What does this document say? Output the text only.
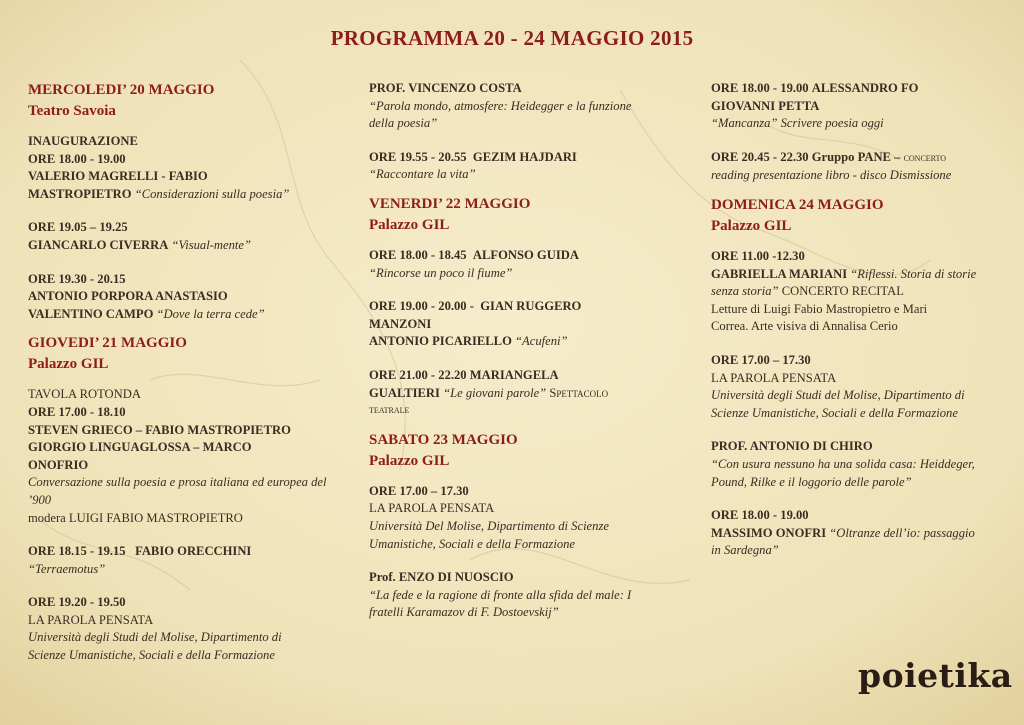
PROGRAMMA 20 - 24 MAGGIO 2015
MERCOLEDI’ 20 MAGGIO
Teatro Savoia
INAUGURAZIONE
ORE 18.00 - 19.00
VALERIO MAGRELLI - FABIO
MASTROPIETRO “Considerazioni sulla poesia”
ORE 19.05 – 19.25
GIANCARLO CIVERRA “Visual-mente”
ORE 19.30 - 20.15
ANTONIO PORPORA ANASTASIO
VALENTINO CAMPO “Dove la terra cede”
GIOVEDI’ 21 MAGGIO
Palazzo GIL
TAVOLA ROTONDA
ORE 17.00 - 18.10
STEVEN GRIECO – FABIO MASTROPIETRO
GIORGIO LINGUAGLOSSA – MARCO
ONOFRIO
Conversazione sulla poesia e prosa italiana ed europea del
’900
modera LUIGI FABIO MASTROPIETRO
ORE 18.15 - 19.15 FABIO ORECCHINI
“Terraemotus”
ORE 19.20 - 19.50
LA PAROLA PENSATA
Università degli Studi del Molise, Dipartimento di
Scienze Umanistiche, Sociali e della Formazione
PROF. VINCENZO COSTA
“Parola mondo, atmosfere: Heidegger e la funzione
della poesia”
ORE 19.55 - 20.55 GEZIM HAJDARI
“Raccontare la vita”
VENERDI’ 22 MAGGIO
Palazzo GIL
ORE 18.00 - 18.45 ALFONSO GUIDA
“Rincorse un poco il fiume”
ORE 19.00 - 20.00 - GIAN RUGGERO
MANZONI
ANTONIO PICARIELLO “Acufeni”
ORE 21.00 - 22.20 MARIANGELA
GUALTIERI “Le giovani parole” Spettacolo
teatrale
SABATO 23 MAGGIO
Palazzo GIL
ORE 17.00 – 17.30
LA PAROLA PENSATA
Università Del Molise, Dipartimento di Scienze
Umanistiche, Sociali e della Formazione
Prof. ENZO DI NUOSCIO
“La fede e la ragione di fronte alla sfida del male: I
fratelli Karamazov di F. Dostoevskij”
ORE 18.00 - 19.00 ALESSANDRO FO
GIOVANNI PETTA
“Mancanza” Scrivere poesia oggi
ORE 20.45 - 22.30 Gruppo PANE – concerto
reading presentazione libro - disco Dismissione
DOMENICA 24 MAGGIO
Palazzo GIL
ORE 11.00 -12.30
GABRIELLA MARIANI “Riflessi. Storia di storie
senza storia” CONCERTO RECITAL
Letture di Luigi Fabio Mastropietro e Mari
Correa. Arte visiva di Annalisa Cerio
ORE 17.00 – 17.30
LA PAROLA PENSATA
Università degli Studi del Molise, Dipartimento di
Scienze Umanistiche, Sociali e della Formazione
PROF. ANTONIO DI CHIRO
“Con usura nessuno ha una solida casa: Heiddeger,
Pound, Rilke e il loggorio delle parole”
ORE 18.00 - 19.00
MASSIMO ONOFRI “Oltranze dell’io: passaggio
in Sardegna”
poietika
